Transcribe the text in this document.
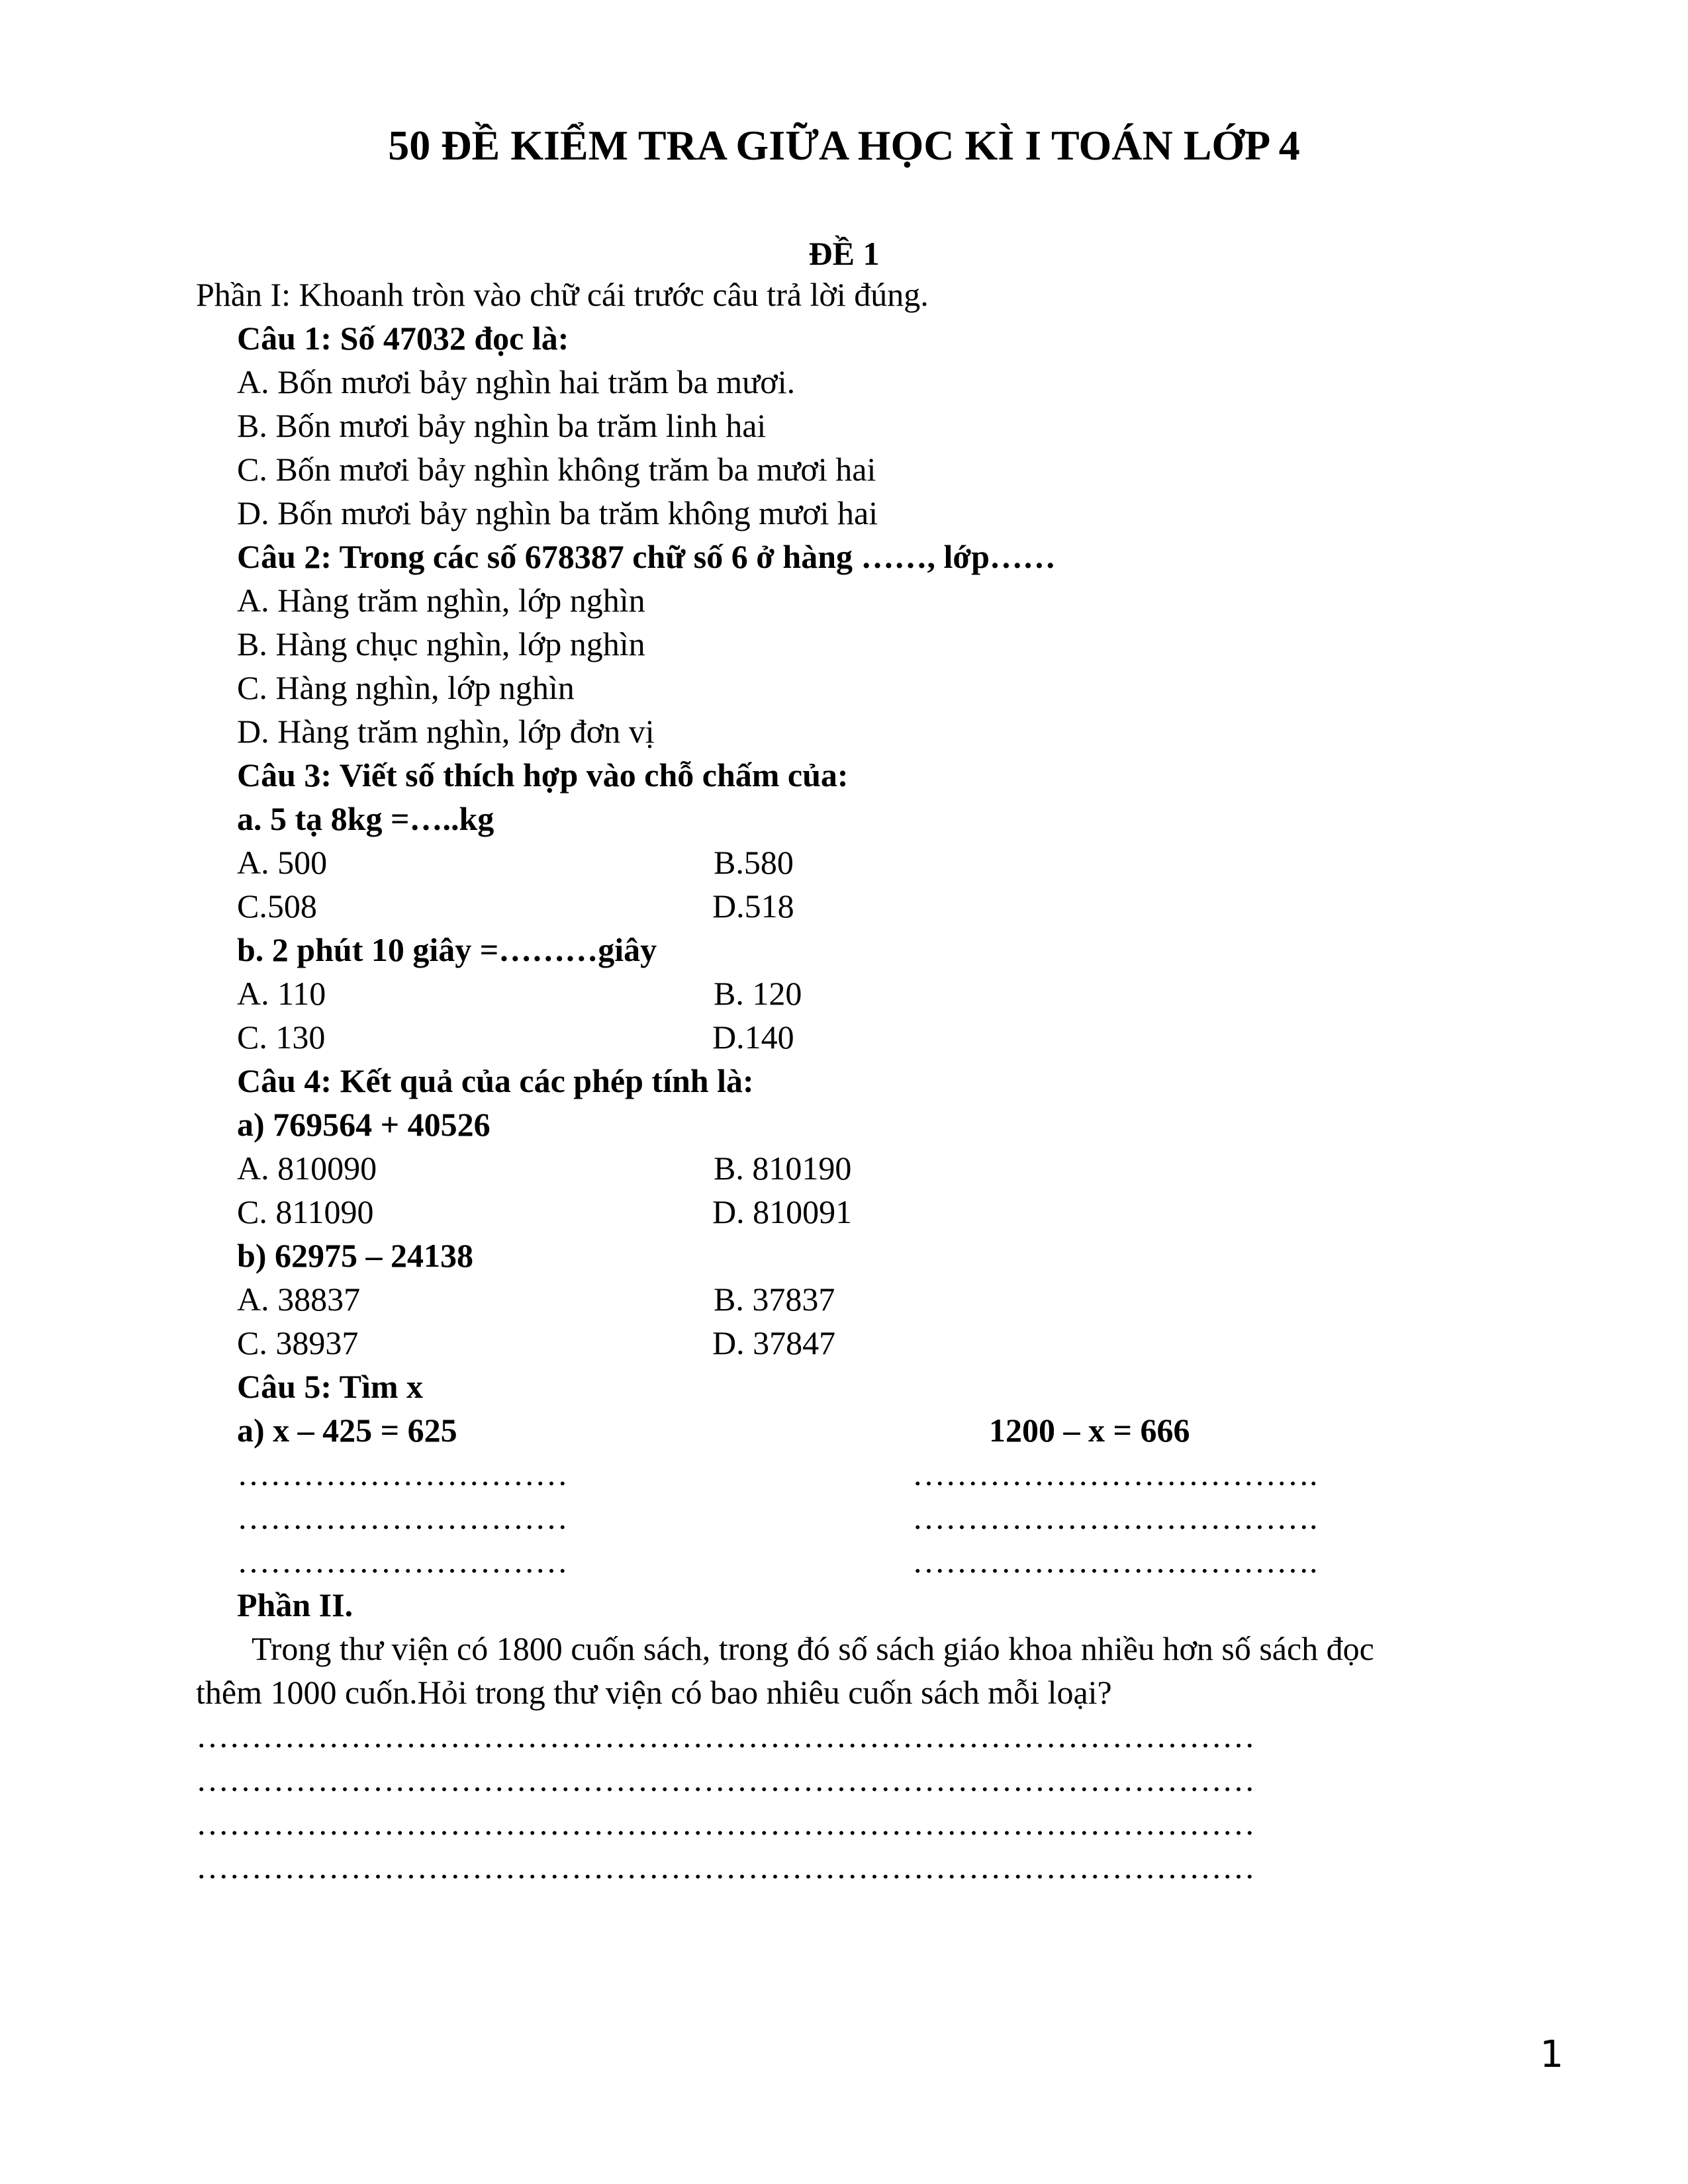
50 ĐỀ KIỂM TRA GIỮA HỌC KÌ I TOÁN LỚP 4
ĐỀ 1
Phần I: Khoanh tròn vào chữ cái trước câu trả lời đúng.
Câu 1: Số 47032 đọc là:
A. Bốn mươi bảy nghìn hai trăm ba mươi.
B. Bốn mươi bảy nghìn ba trăm linh hai
C. Bốn mươi bảy nghìn không trăm ba mươi hai
D. Bốn mươi bảy nghìn ba trăm không mươi hai
Câu 2: Trong các số 678387 chữ số 6 ở hàng ……, lớp……
A. Hàng trăm nghìn, lớp nghìn
B. Hàng chục nghìn, lớp nghìn
C. Hàng nghìn, lớp nghìn
D. Hàng trăm nghìn, lớp đơn vị
Câu 3: Viết số thích hợp vào chỗ chấm của:
a. 5 tạ 8kg =…..kg
A. 500	B.580
C.508	D.518
b. 2 phút 10 giây =………giây
A. 110	B. 120
C. 130	D.140
Câu 4: Kết quả của các phép tính là:
a) 769564 + 40526
A. 810090	B. 810190
C. 811090	D. 810091
b) 62975 – 24138
A. 38837	B. 37837
C. 38937	D. 37847
Câu 5: Tìm x
a) x – 425 = 625	1200 – x = 666
…………………………	……………………………….
…………………………	……………………………….
…………………………	……………………………….
Phần II.
Trong thư viện có 1800 cuốn sách, trong đó số sách giáo khoa nhiều hơn số sách đọc
thêm 1000 cuốn.Hỏi trong thư viện có bao nhiêu cuốn sách mỗi loại?
……………………………………………………………………………………
……………………………………………………………………………………
……………………………………………………………………………………
……………………………………………………………………………………
1
